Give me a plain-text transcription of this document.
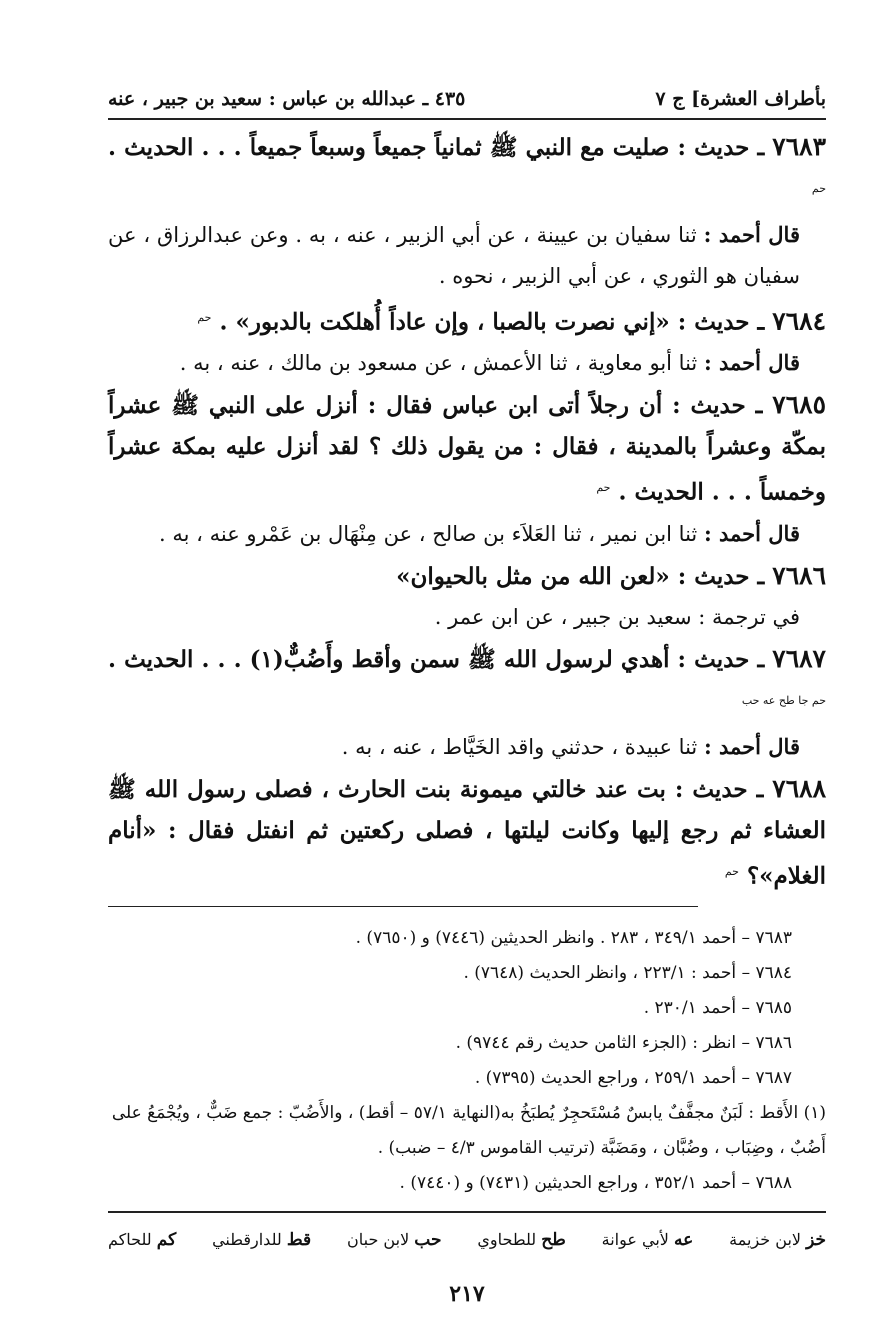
بأطراف العشرة] ج ٧
٤٣٥ ـ عبدالله بن عباس : سعيد بن جبير ، عنه
٧٦٨٣ ـ حديث : صليت مع النبي ﷺ ثمانياً جميعاً وسبعاً جميعاً . . . الحديث . $^{حم}$
قال أحمد : ثنا سفيان بن عيينة ، عن أبي الزبير ، عنه ، به . وعن عبدالرزاق ، عن سفيان هو الثوري ، عن أبي الزبير ، نحوه .
٧٦٨٤ ـ حديث : «إني نصرت بالصبا ، وإن عاداً أُهلكت بالدبور» . $^{حم}$
قال أحمد : ثنا أبو معاوية ، ثنا الأعمش ، عن مسعود بن مالك ، عنه ، به .
٧٦٨٥ ـ حديث : أن رجلاً أتى ابن عباس فقال : أنزل على النبي ﷺ عشراً بمكّة وعشراً بالمدينة ، فقال : من يقول ذلك ؟ لقد أنزل عليه بمكة عشراً وخمساً . . . الحديث . $^{حم}$
قال أحمد : ثنا ابن نمير ، ثنا العَلاَء بن صالح ، عن مِنْهَال بن عَمْرو عنه ، به .
٧٦٨٦ ـ حديث : «لعن الله من مثل بالحيوان»
في ترجمة : سعيد بن جبير ، عن ابن عمر .
٧٦٨٧ ـ حديث : أهدي لرسول الله ﷺ سمن وأقط وأَضُبٌّ(١) . . . الحديث . $^{حم جا طح عه حب}$
قال أحمد : ثنا عبيدة ، حدثني واقد الخَيَّاط ، عنه ، به .
٧٦٨٨ ـ حديث : بت عند خالتي ميمونة بنت الحارث ، فصلى رسول الله ﷺ العشاء ثم رجع إليها وكانت ليلتها ، فصلى ركعتين ثم انفتل فقال : «أنام الغلام»؟ $^{حم}$
٧٦٨٣ – أحمد ٣٤٩/١ ، ٢٨٣ . وانظر الحديثين (٧٤٤٦) و (٧٦٥٠) .
٧٦٨٤ – أحمد : ٢٢٣/١ ، وانظر الحديث (٧٦٤٨) .
٧٦٨٥ – أحمد ٢٣٠/١ .
٧٦٨٦ – انظر : (الجزء الثامن حديث رقم ٩٧٤٤) .
٧٦٨٧ – أحمد ٢٥٩/١ ، وراجع الحديث (٧٣٩٥) .
(١) الأَقط : لَبَنٌ مجفَّفٌ يابسٌ مُسْتَحجِرٌ يُطبَخُ به(النهاية ٥٧/١ – أقط) ، والأَضُبّ : جمع ضَبٌّ ، ويُجْمَعُ على أَضُبٌ ، وضِبَاب ، وضُبَّان ، ومَضَبَّة (ترتيب القاموس ٤/٣ – ضبب) .
٧٦٨٨ – أحمد ٣٥٢/١ ، وراجع الحديثين (٧٤٣١) و (٧٤٤٠) .
خز لابن خزيمة
عه لأبي عوانة
طح للطحاوي
حب لابن حبان
قط للدارقطني
كم للحاكم
٢١٧
